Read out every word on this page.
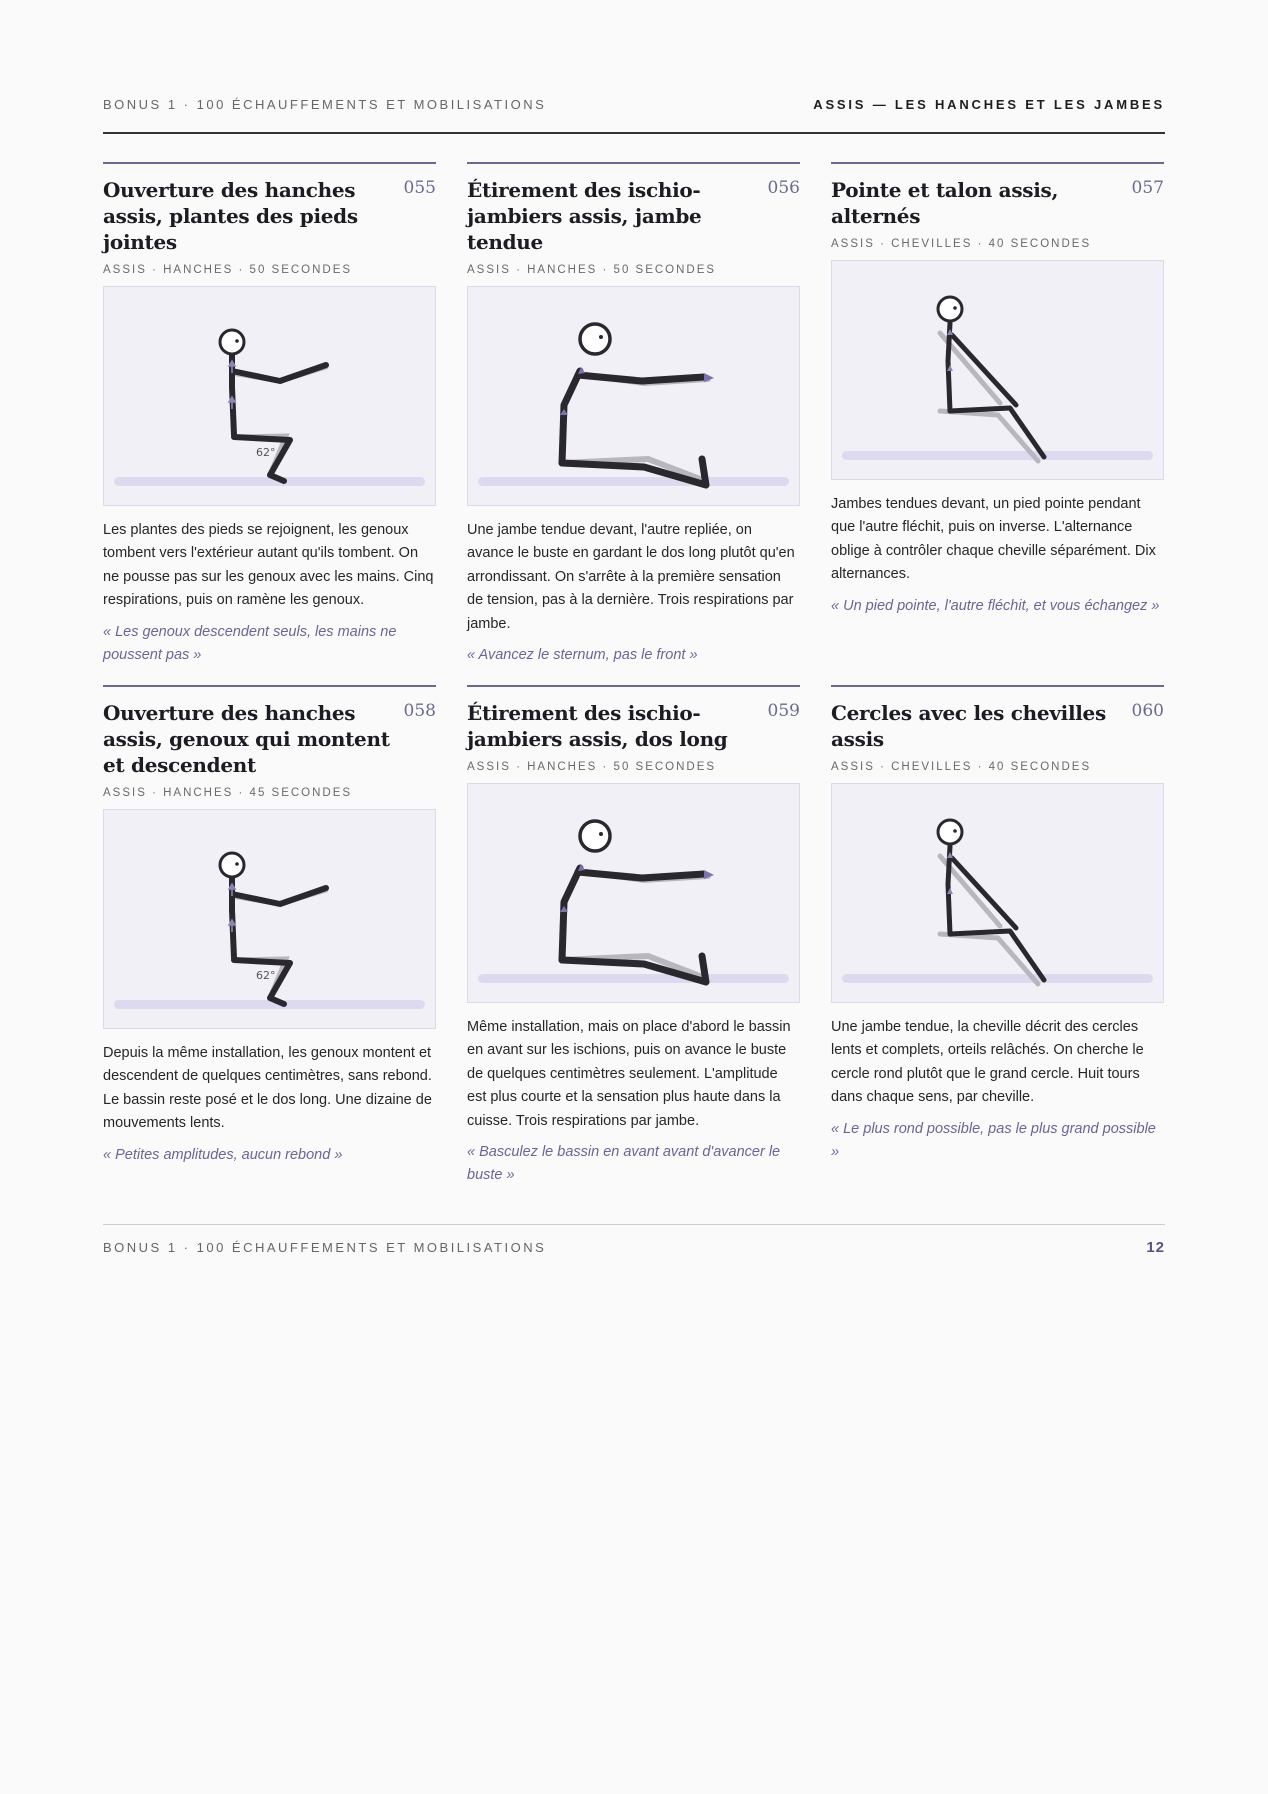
BONUS 1 · 100 ÉCHAUFFEMENTS ET MOBILISATIONS	ASSIS — LES HANCHES ET LES JAMBES
Ouverture des hanches assis, plantes des pieds jointes
055
ASSIS · HANCHES · 50 SECONDES
62°
Les plantes des pieds se rejoignent, les genoux tombent vers l'extérieur autant qu'ils tombent. On ne pousse pas sur les genoux avec les mains. Cinq respirations, puis on ramène les genoux.
« Les genoux descendent seuls, les mains ne poussent pas »
Étirement des ischio-jambiers assis, jambe tendue
056
ASSIS · HANCHES · 50 SECONDES
Une jambe tendue devant, l'autre repliée, on avance le buste en gardant le dos long plutôt qu'en arrondissant. On s'arrête à la première sensation de tension, pas à la dernière. Trois respirations par jambe.
« Avancez le sternum, pas le front »
Pointe et talon assis, alternés
057
ASSIS · CHEVILLES · 40 SECONDES
Jambes tendues devant, un pied pointe pendant que l'autre fléchit, puis on inverse. L'alternance oblige à contrôler chaque cheville séparément. Dix alternances.
« Un pied pointe, l'autre fléchit, et vous échangez »
Ouverture des hanches assis, genoux qui montent et descendent
058
ASSIS · HANCHES · 45 SECONDES
62°
Depuis la même installation, les genoux montent et descendent de quelques centimètres, sans rebond. Le bassin reste posé et le dos long. Une dizaine de mouvements lents.
« Petites amplitudes, aucun rebond »
Étirement des ischio-jambiers assis, dos long
059
ASSIS · HANCHES · 50 SECONDES
Même installation, mais on place d'abord le bassin en avant sur les ischions, puis on avance le buste de quelques centimètres seulement. L'amplitude est plus courte et la sensation plus haute dans la cuisse. Trois respirations par jambe.
« Basculez le bassin en avant avant d'avancer le buste »
Cercles avec les chevilles assis
060
ASSIS · CHEVILLES · 40 SECONDES
Une jambe tendue, la cheville décrit des cercles lents et complets, orteils relâchés. On cherche le cercle rond plutôt que le grand cercle. Huit tours dans chaque sens, par cheville.
« Le plus rond possible, pas le plus grand possible »
BONUS 1 · 100 ÉCHAUFFEMENTS ET MOBILISATIONS	12
